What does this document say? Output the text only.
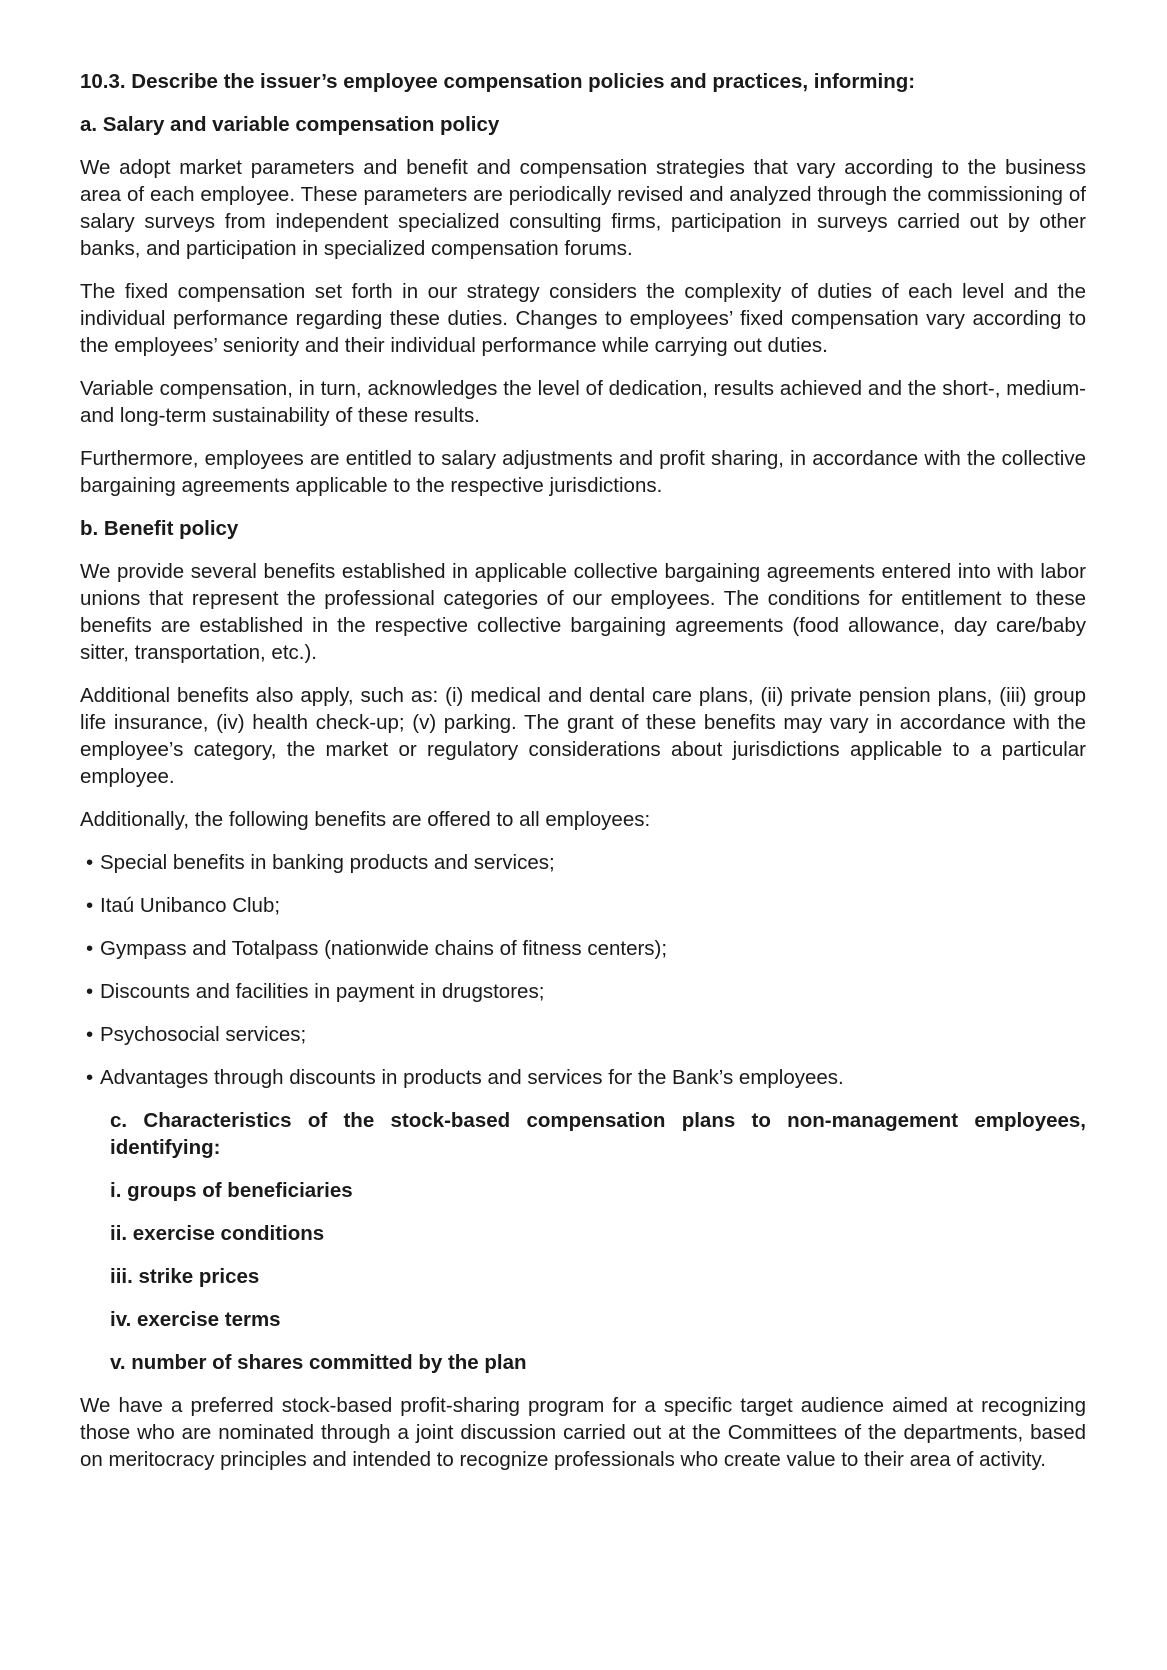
10.3. Describe the issuer’s employee compensation policies and practices, informing:
a. Salary and variable compensation policy

We adopt market parameters and benefit and compensation strategies that vary according to the business area of each employee. These parameters are periodically revised and analyzed through the commissioning of salary surveys from independent specialized consulting firms, participation in surveys carried out by other banks, and participation in specialized compensation forums.

The fixed compensation set forth in our strategy considers the complexity of duties of each level and the individual performance regarding these duties. Changes to employees’ fixed compensation vary according to the employees’ seniority and their individual performance while carrying out duties.

Variable compensation, in turn, acknowledges the level of dedication, results achieved and the short-, medium- and long-term sustainability of these results.

Furthermore, employees are entitled to salary adjustments and profit sharing, in accordance with the collective bargaining agreements applicable to the respective jurisdictions.

b. Benefit policy

We provide several benefits established in applicable collective bargaining agreements entered into with labor unions that represent the professional categories of our employees. The conditions for entitlement to these benefits are established in the respective collective bargaining agreements (food allowance, day care/baby sitter, transportation, etc.).

Additional benefits also apply, such as: (i) medical and dental care plans, (ii) private pension plans, (iii) group life insurance, (iv) health check-up; (v) parking. The grant of these benefits may vary in accordance with the employee’s category, the market or regulatory considerations about jurisdictions applicable to a particular employee.

Additionally, the following benefits are offered to all employees:

• Special benefits in banking products and services;
• Itaú Unibanco Club;
• Gympass and Totalpass (nationwide chains of fitness centers);
• Discounts and facilities in payment in drugstores;
• Psychosocial services;
• Advantages through discounts in products and services for the Bank’s employees.
c. Characteristics of the stock-based compensation plans to non-management employees, identifying:
i. groups of beneficiaries
ii. exercise conditions
iii. strike prices
iv. exercise terms
v. number of shares committed by the plan

We have a preferred stock-based profit-sharing program for a specific target audience aimed at recognizing those who are nominated through a joint discussion carried out at the Committees of the departments, based on meritocracy principles and intended to recognize professionals who create value to their area of activity.
